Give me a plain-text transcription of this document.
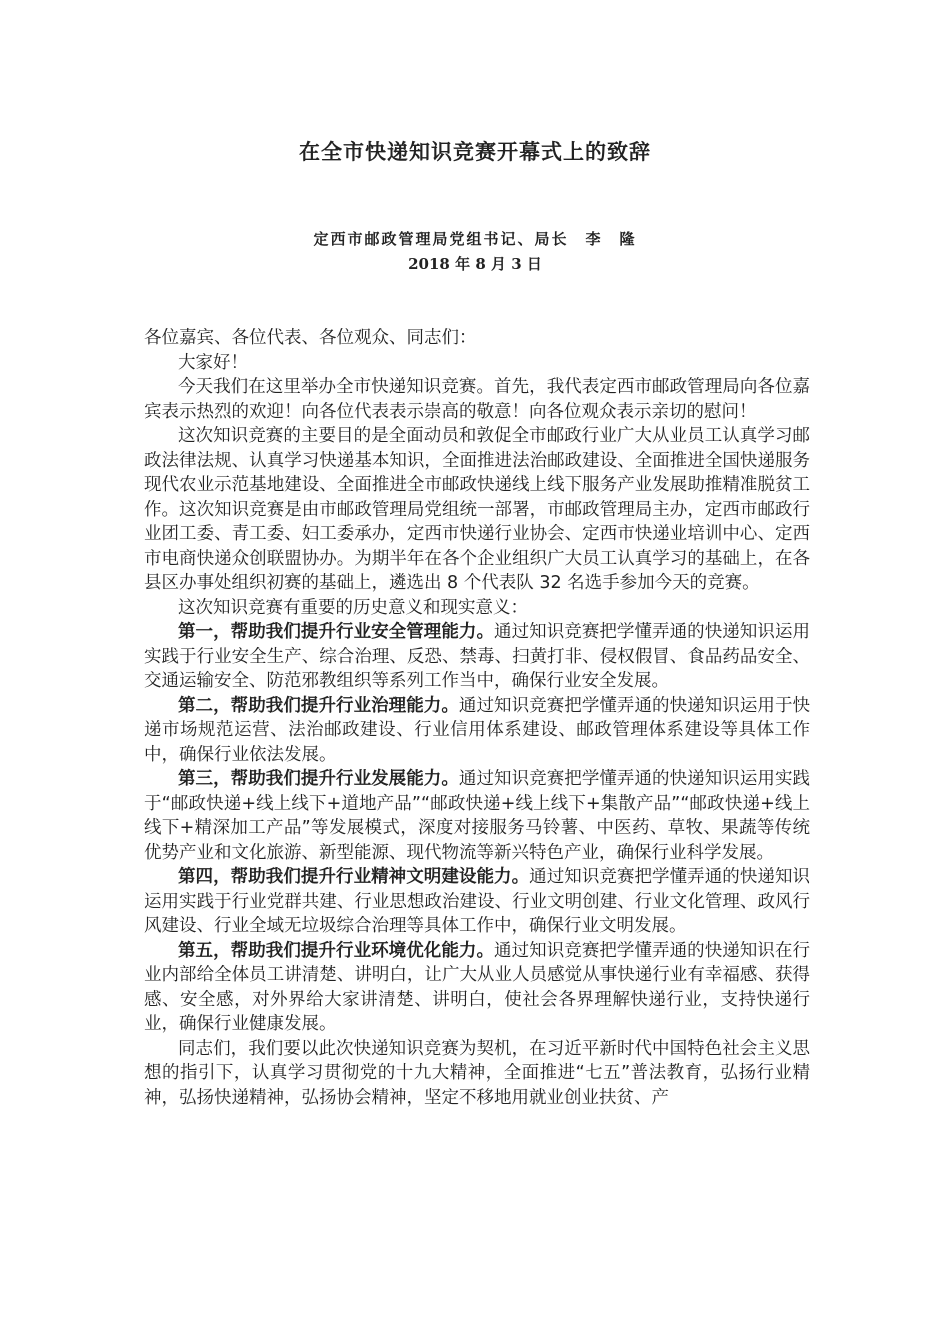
在全市快递知识竞赛开幕式上的致辞
定西市邮政管理局党组书记、局长　李　隆
2018 年 8 月 3 日

各位嘉宾、各位代表、各位观众、同志们：

大家好！

今天我们在这里举办全市快递知识竞赛。首先，我代表定西市邮政管理局向各位嘉宾表示热烈的欢迎！向各位代表表示崇高的敬意！向各位观众表示亲切的慰问！

这次知识竞赛的主要目的是全面动员和敦促全市邮政行业广大从业员工认真学习邮政法律法规、认真学习快递基本知识，全面推进法治邮政建设、全面推进全国快递服务现代农业示范基地建设、全面推进全市邮政快递线上线下服务产业发展助推精准脱贫工作。这次知识竞赛是由市邮政管理局党组统一部署，市邮政管理局主办，定西市邮政行业团工委、青工委、妇工委承办，定西市快递行业协会、定西市快递业培训中心、定西市电商快递众创联盟协办。为期半年在各个企业组织广大员工认真学习的基础上，在各县区办事处组织初赛的基础上，遴选出 8 个代表队 32 名选手参加今天的竞赛。

这次知识竞赛有重要的历史意义和现实意义：

第一，帮助我们提升行业安全管理能力。通过知识竞赛把学懂弄通的快递知识运用实践于行业安全生产、综合治理、反恐、禁毒、扫黄打非、侵权假冒、食品药品安全、交通运输安全、防范邪教组织等系列工作当中，确保行业安全发展。

第二，帮助我们提升行业治理能力。通过知识竞赛把学懂弄通的快递知识运用于快递市场规范运营、法治邮政建设、行业信用体系建设、邮政管理体系建设等具体工作中，确保行业依法发展。

第三，帮助我们提升行业发展能力。通过知识竞赛把学懂弄通的快递知识运用实践于“邮政快递+线上线下+道地产品”“邮政快递+线上线下+集散产品”“邮政快递+线上线下+精深加工产品”等发展模式，深度对接服务马铃薯、中医药、草牧、果蔬等传统优势产业和文化旅游、新型能源、现代物流等新兴特色产业，确保行业科学发展。

第四，帮助我们提升行业精神文明建设能力。通过知识竞赛把学懂弄通的快递知识运用实践于行业党群共建、行业思想政治建设、行业文明创建、行业文化管理、政风行风建设、行业全域无垃圾综合治理等具体工作中，确保行业文明发展。

第五，帮助我们提升行业环境优化能力。通过知识竞赛把学懂弄通的快递知识在行业内部给全体员工讲清楚、讲明白，让广大从业人员感觉从事快递行业有幸福感、获得感、安全感，对外界给大家讲清楚、讲明白，使社会各界理解快递行业，支持快递行业，确保行业健康发展。

同志们，我们要以此次快递知识竞赛为契机，在习近平新时代中国特色社会主义思想的指引下，认真学习贯彻党的十九大精神，全面推进“七五”普法教育，弘扬行业精神，弘扬快递精神，弘扬协会精神，坚定不移地用就业创业扶贫、产
